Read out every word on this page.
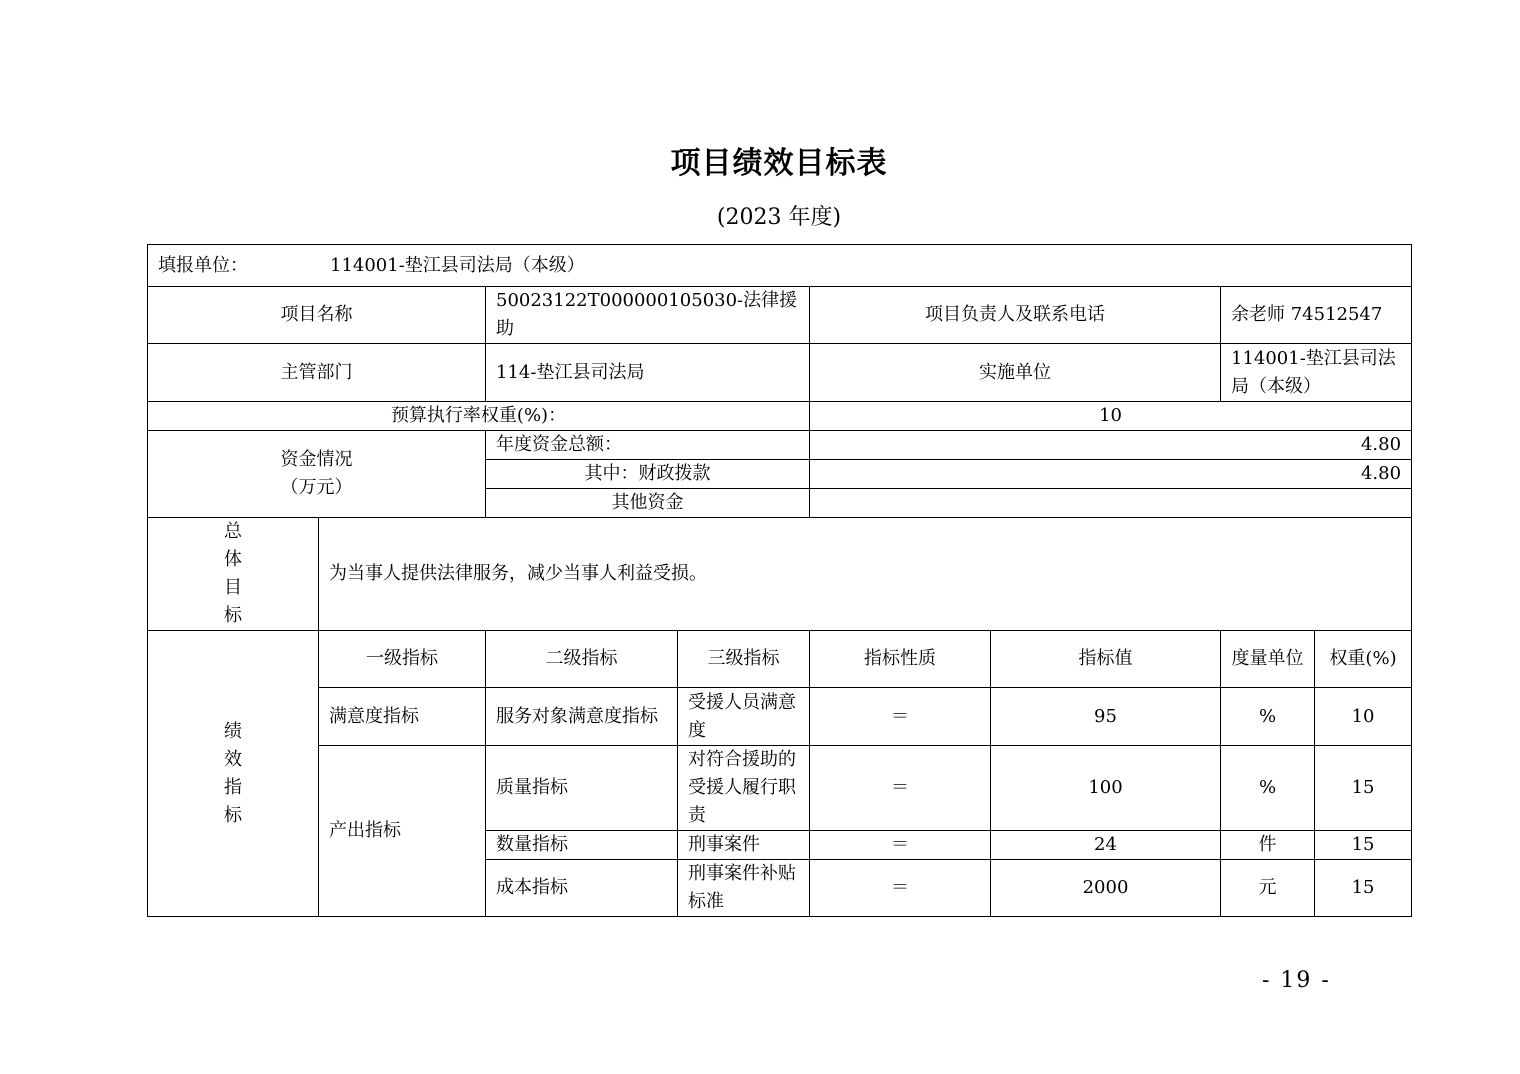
项目绩效目标表
(2023 年度)
填报单位： 114001-垫江县司法局（本级）							
项目名称		50023122T000000105030-法律援助		项目负责人及联系电话		余老师 74512547	
主管部门		114-垫江县司法局		实施单位		114001-垫江县司法局（本级）	
预算执行率权重(%)：				10			

资金情况
（万元）		年度资金总额：		4.80			
		其中：财政拨款		4.80			
		其他资金					

总
体
目
标	为当事人提供法律服务，减少当事人利益受损。						

绩
效
指
标	一级指标	二级指标	三级指标	指标性质	指标值	度量单位	权重(%)
	满意度指标	服务对象满意度指标	受援人员满意度	＝	95	%	10
	产出指标	质量指标	对符合援助的受援人履行职责	＝	100	%	15
		数量指标	刑事案件	＝	24	件	15
		成本指标	刑事案件补贴标准	＝	2000	元	15
- 19 -
